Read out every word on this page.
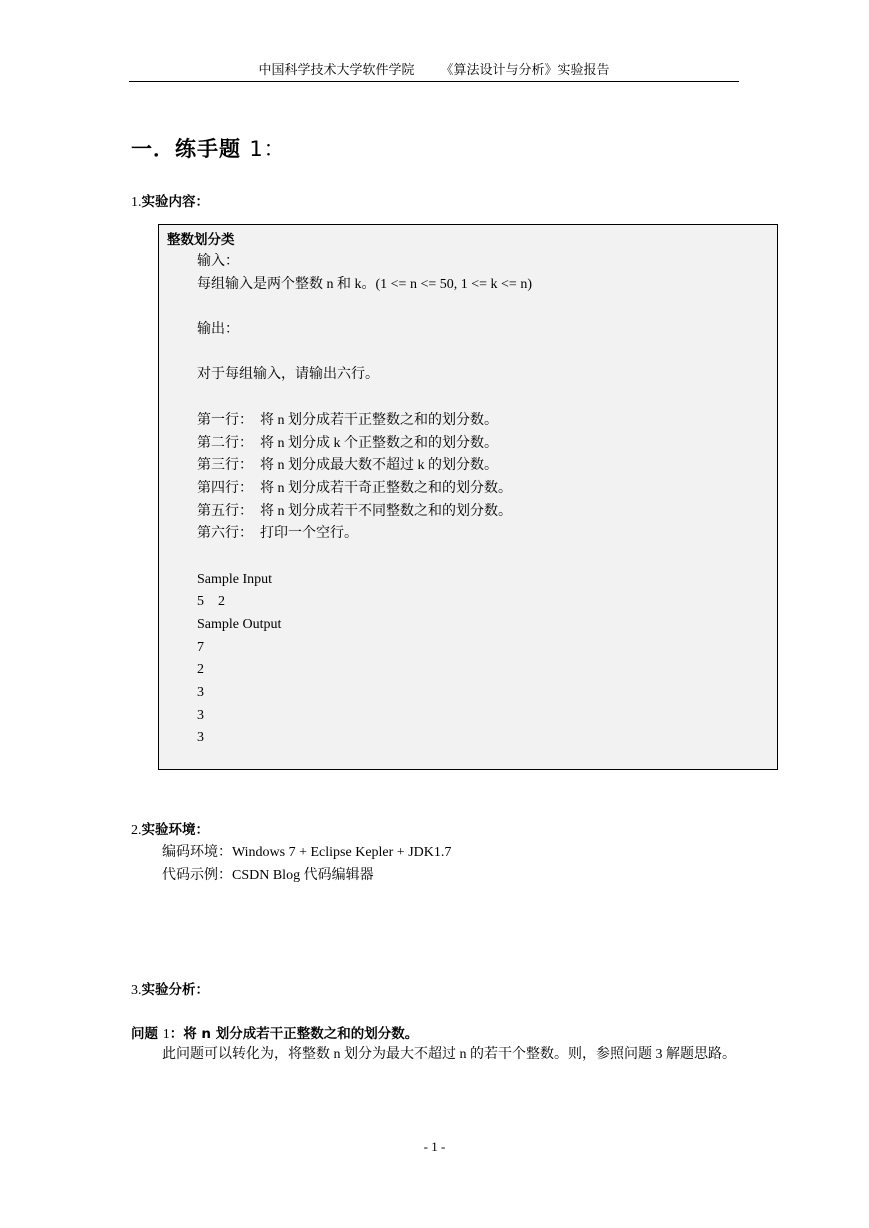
中国科学技术大学软件学院 《算法设计与分析》实验报告
一．练手题 1：
1.实验内容：
整数划分类
输入：
每组输入是两个整数 n 和 k。(1 <= n <= 50, 1 <= k <= n)
输出：
对于每组输入，请输出六行。
第一行：  将 n 划分成若干正整数之和的划分数。
第二行：  将 n 划分成 k 个正整数之和的划分数。
第三行：  将 n 划分成最大数不超过 k 的划分数。
第四行：  将 n 划分成若干奇正整数之和的划分数。
第五行：  将 n 划分成若干不同整数之和的划分数。
第六行：  打印一个空行。
Sample Input
5    2
Sample Output
7
2
3
3
3
2.实验环境：
编码环境：Windows 7 + Eclipse Kepler + JDK1.7
代码示例：CSDN Blog 代码编辑器
3.实验分析：
问题 1：将 n 划分成若干正整数之和的划分数。

此问题可以转化为，将整数 n 划分为最大不超过 n 的若干个整数。则，参照问题 3 解题思路。

- 1 -
